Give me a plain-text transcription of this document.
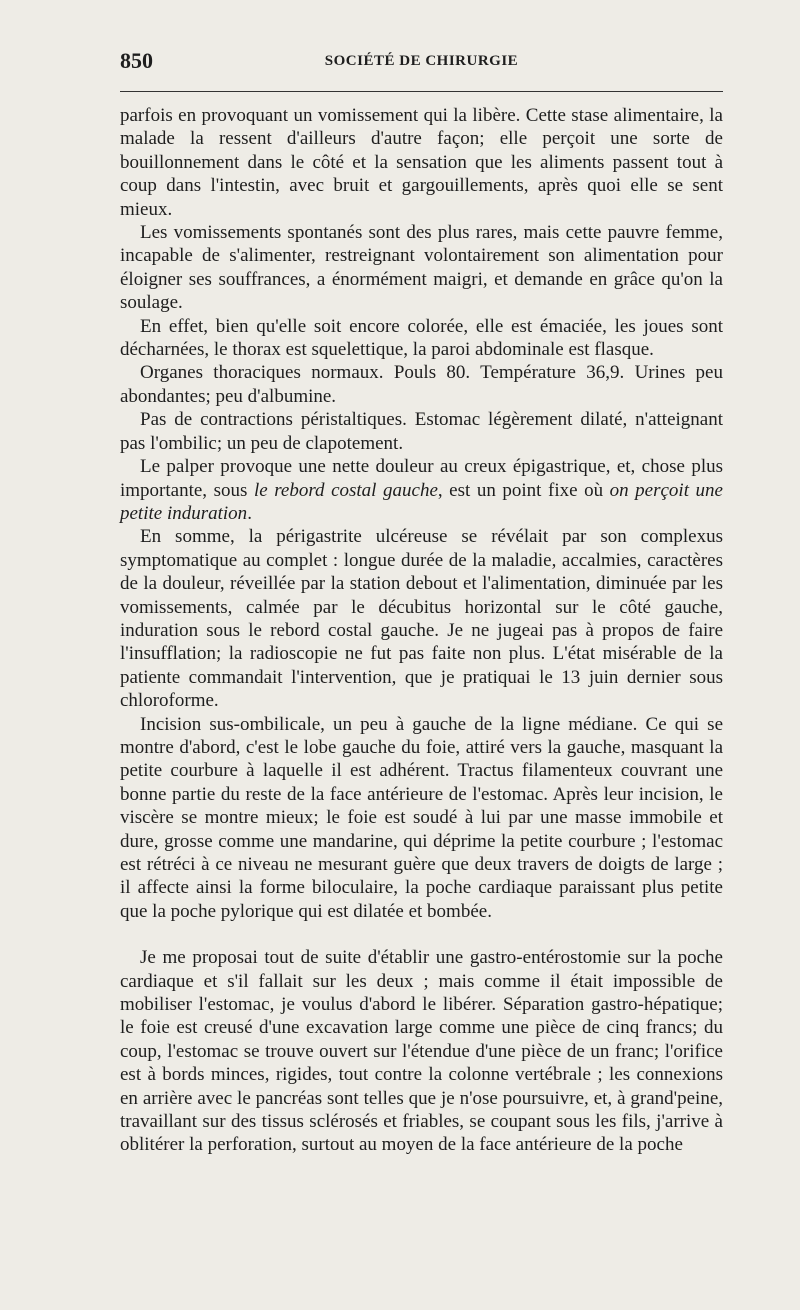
850	SOCIÉTÉ DE CHIRURGIE

parfois en provoquant un vomissement qui la libère. Cette stase alimentaire, la malade la ressent d'ailleurs d'autre façon; elle perçoit une sorte de bouillonnement dans le côté et la sensation que les aliments passent tout à coup dans l'intestin, avec bruit et gargouillements, après quoi elle se sent mieux.

Les vomissements spontanés sont des plus rares, mais cette pauvre femme, incapable de s'alimenter, restreignant volontairement son alimentation pour éloigner ses souffrances, a énormément maigri, et demande en grâce qu'on la soulage.

En effet, bien qu'elle soit encore colorée, elle est émaciée, les joues sont décharnées, le thorax est squelettique, la paroi abdominale est flasque.

Organes thoraciques normaux. Pouls 80. Température 36,9. Urines peu abondantes; peu d'albumine.

Pas de contractions péristaltiques. Estomac légèrement dilaté, n'atteignant pas l'ombilic; un peu de clapotement.

Le palper provoque une nette douleur au creux épigastrique, et, chose plus importante, sous le rebord costal gauche, est un point fixe où on perçoit une petite induration.

En somme, la périgastrite ulcéreuse se révélait par son complexus symptomatique au complet : longue durée de la maladie, accalmies, caractères de la douleur, réveillée par la station debout et l'alimentation, diminuée par les vomissements, calmée par le décubitus horizontal sur le côté gauche, induration sous le rebord costal gauche. Je ne jugeai pas à propos de faire l'insufflation; la radioscopie ne fut pas faite non plus. L'état misérable de la patiente commandait l'intervention, que je pratiquai le 13 juin dernier sous chloroforme.

Incision sus-ombilicale, un peu à gauche de la ligne médiane. Ce qui se montre d'abord, c'est le lobe gauche du foie, attiré vers la gauche, masquant la petite courbure à laquelle il est adhérent. Tractus filamenteux couvrant une bonne partie du reste de la face antérieure de l'estomac. Après leur incision, le viscère se montre mieux; le foie est soudé à lui par une masse immobile et dure, grosse comme une mandarine, qui déprime la petite courbure ; l'estomac est rétréci à ce niveau ne mesurant guère que deux travers de doigts de large ; il affecte ainsi la forme biloculaire, la poche cardiaque paraissant plus petite que la poche pylorique qui est dilatée et bombée.

Je me proposai tout de suite d'établir une gastro-entérostomie sur la poche cardiaque et s'il fallait sur les deux ; mais comme il était impossible de mobiliser l'estomac, je voulus d'abord le libérer. Séparation gastro-hépatique; le foie est creusé d'une excavation large comme une pièce de cinq francs; du coup, l'estomac se trouve ouvert sur l'étendue d'une pièce de un franc; l'orifice est à bords minces, rigides, tout contre la colonne vertébrale ; les connexions en arrière avec le pancréas sont telles que je n'ose poursuivre, et, à grand'peine, travaillant sur des tissus sclérosés et friables, se coupant sous les fils, j'arrive à oblitérer la perforation, surtout au moyen de la face antérieure de la poche
